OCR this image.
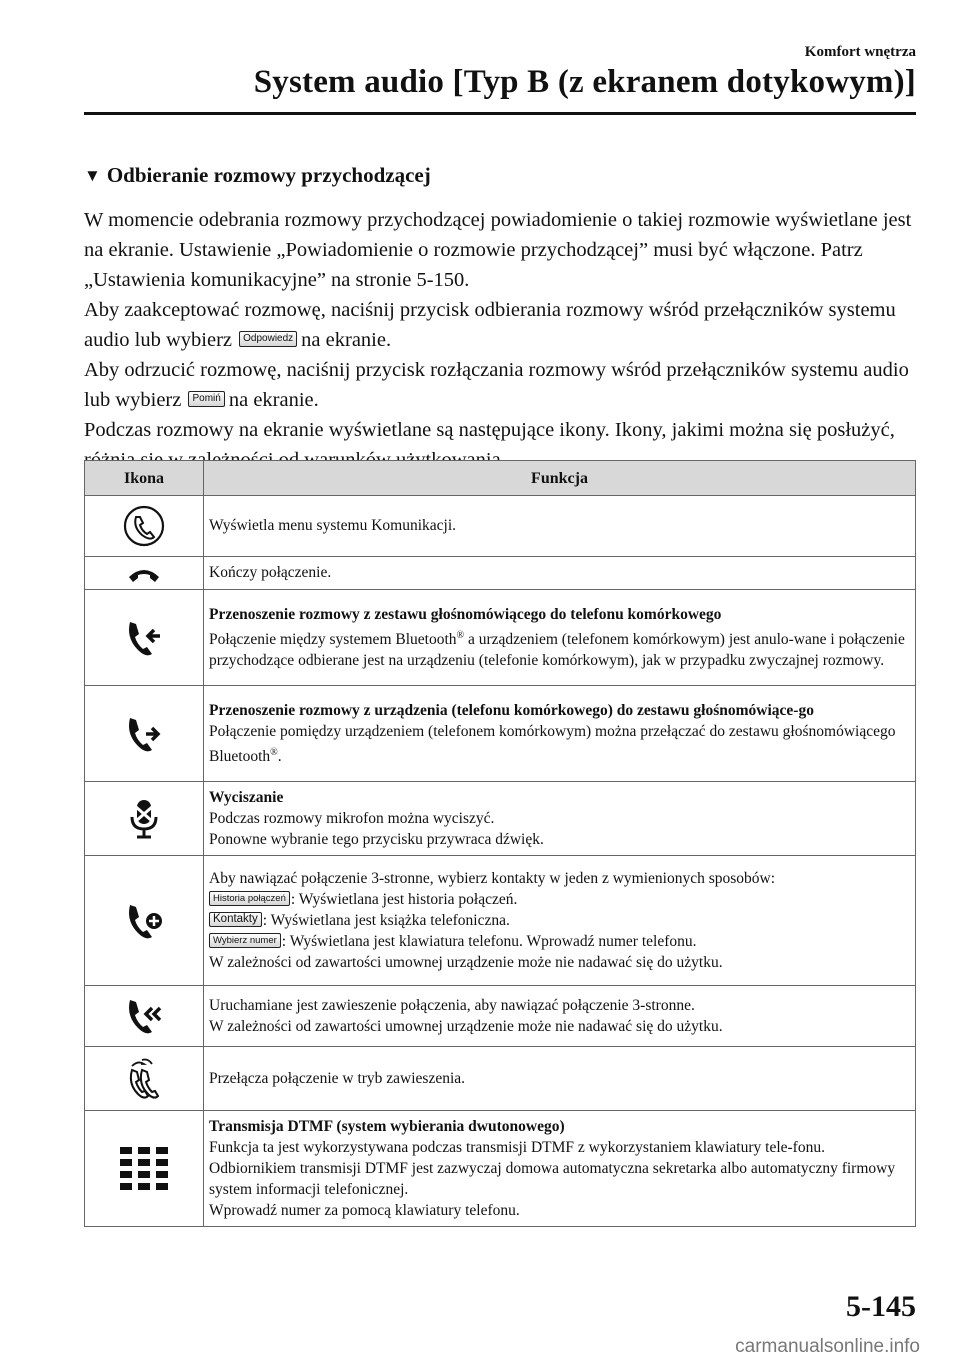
Komfort wnętrza
System audio [Typ B (z ekranem dotykowym)]
▼ Odbieranie rozmowy przychodzącej

W momencie odebrania rozmowy przychodzącej powiadomienie o takiej rozmowie wyświetlane jest na ekranie. Ustawienie „Powiadomienie o rozmowie przychodzącej” musi być włączone. Patrz „Ustawienia komunikacyjne” na stronie 5-150.

Aby zaakceptować rozmowę, naciśnij przycisk odbierania rozmowy wśród przełączników systemu audio lub wybierz Odpowiedz na ekranie.

Aby odrzucić rozmowę, naciśnij przycisk rozłączania rozmowy wśród przełączników systemu audio lub wybierz Pomiń na ekranie.

Podczas rozmowy na ekranie wyświetlane są następujące ikony. Ikony, jakimi można się posłużyć,

Ikona	Funkcja
	Wyświetla menu systemu Komunikacji.
	Kończy połączenie.

Przenoszenie rozmowy z zestawu głośnomówiącego do telefonu komórkowego
Połączenie między systemem Bluetooth® a urządzeniem (telefonem komórkowym) jest anulo-wane i połączenie przychodzące odbierane jest na urządzeniu (telefonie komórkowym), jak w przypadku zwyczajnej rozmowy.

Przenoszenie rozmowy z urządzenia (telefonu komórkowego) do zestawu głośnomówiące-go
Połączenie pomiędzy urządzeniem (telefonem komórkowym) można przełączać do zestawu głośnomówiącego Bluetooth®.

Wyciszanie
Podczas rozmowy mikrofon można wyciszyć.
Ponowne wybranie tego przycisku przywraca dźwięk.

Aby nawiązać połączenie 3-stronne, wybierz kontakty w jeden z wymienionych sposobów:
Historia połączeń : Wyświetlana jest historia połączeń.
Kontakty : Wyświetlana jest książka telefoniczna.
Wybierz numer : Wyświetlana jest klawiatura telefonu. Wprowadź numer telefonu.
W zależności od zawartości umownej urządzenie może nie nadawać się do użytku.

Uruchamiane jest zawieszenie połączenia, aby nawiązać połączenie 3-stronne.
W zależności od zawartości umownej urządzenie może nie nadawać się do użytku.

	Przełącza połączenie w tryb zawieszenia.

Transmisja DTMF (system wybierania dwutonowego)
Funkcja ta jest wykorzystywana podczas transmisji DTMF z wykorzystaniem klawiatury tele-fonu. Odbiornikiem transmisji DTMF jest zazwyczaj domowa automatyczna sekretarka albo automatyczny firmowy system informacji telefonicznej.
Wprowadź numer za pomocą klawiatury telefonu.
5-145
carmanualsonline.info
